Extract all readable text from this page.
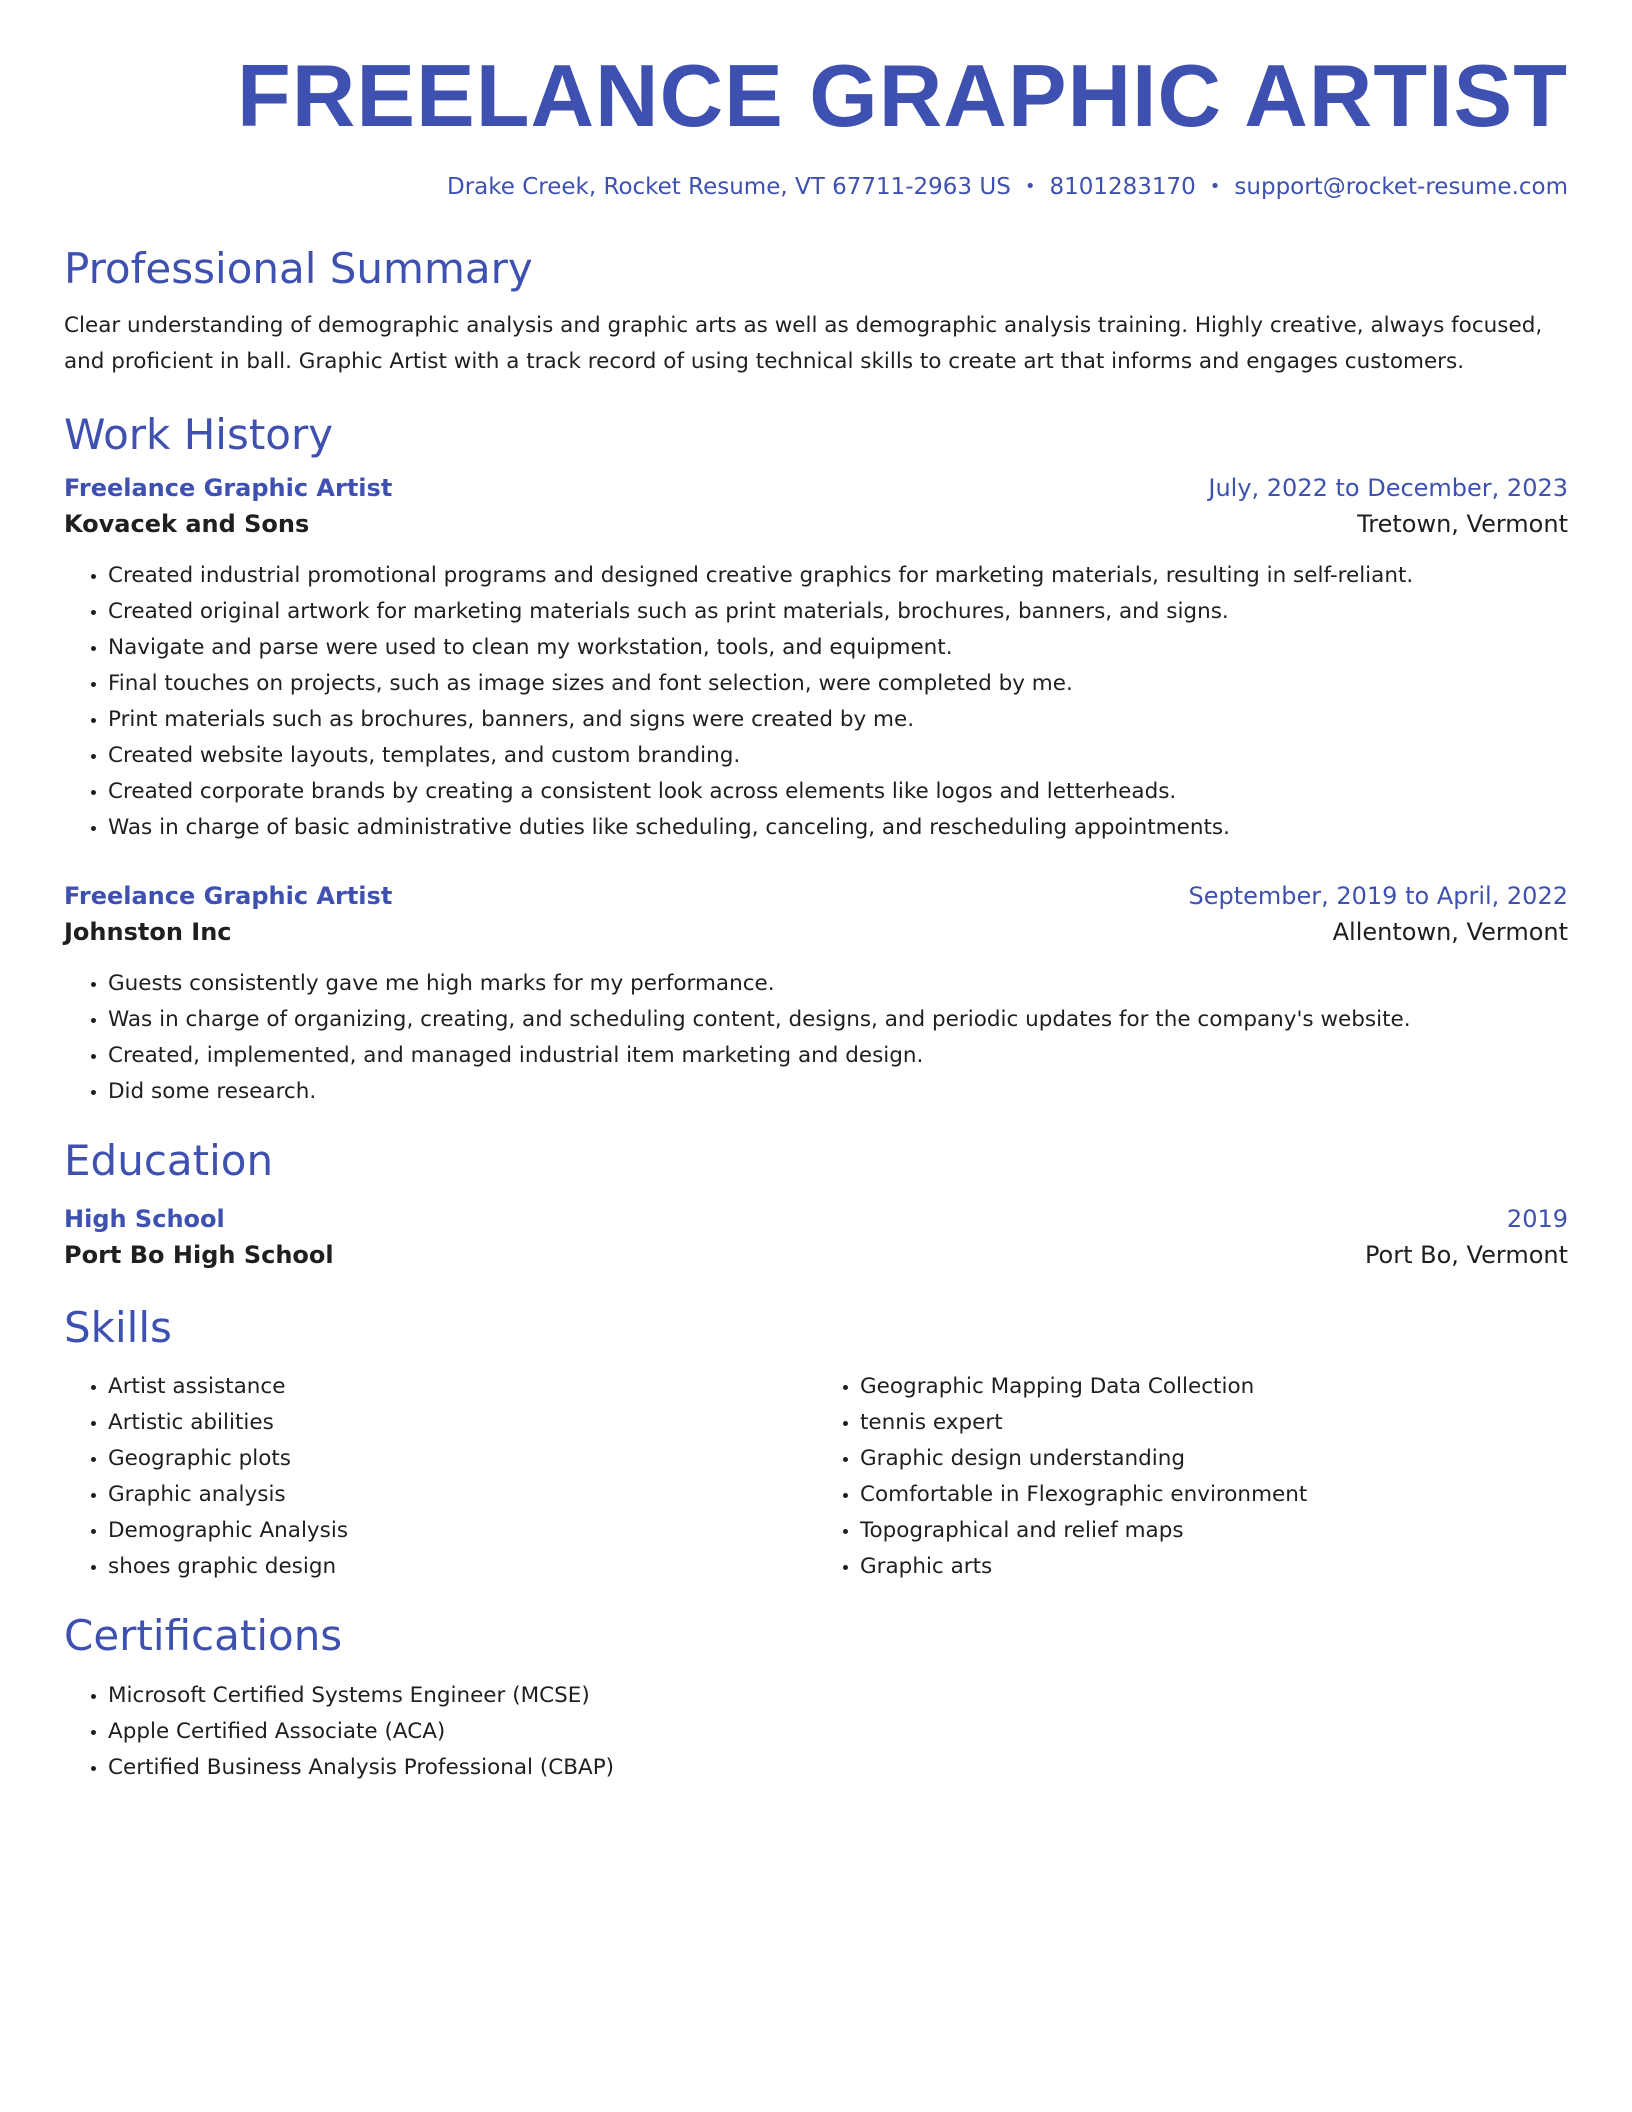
FREELANCE GRAPHIC ARTIST
Drake Creek, Rocket Resume, VT 67711-2963 US • 8101283170 • support@rocket-resume.com
Professional Summary

Clear understanding of demographic analysis and graphic arts as well as demographic analysis training. Highly creative, always focused, and proficient in ball. Graphic Artist with a track record of using technical skills to create art that informs and engages customers.

Work History
Freelance Graphic Artist	July, 2022 to December, 2023
Kovacek and Sons	Tretown, Vermont
• Created industrial promotional programs and designed creative graphics for marketing materials, resulting in self-reliant.
• Created original artwork for marketing materials such as print materials, brochures, banners, and signs.
• Navigate and parse were used to clean my workstation, tools, and equipment.
• Final touches on projects, such as image sizes and font selection, were completed by me.
• Print materials such as brochures, banners, and signs were created by me.
• Created website layouts, templates, and custom branding.
• Created corporate brands by creating a consistent look across elements like logos and letterheads.
• Was in charge of basic administrative duties like scheduling, canceling, and rescheduling appointments.
Freelance Graphic Artist	September, 2019 to April, 2022
Johnston Inc	Allentown, Vermont
• Guests consistently gave me high marks for my performance.
• Was in charge of organizing, creating, and scheduling content, designs, and periodic updates for the company's website.
• Created, implemented, and managed industrial item marketing and design.
• Did some research.
Education
High School	2019
Port Bo High School	Port Bo, Vermont
Skills
• Artist assistance
• Artistic abilities
• Geographic plots
• Graphic analysis
• Demographic Analysis
• shoes graphic design
• Geographic Mapping Data Collection
• tennis expert
• Graphic design understanding
• Comfortable in Flexographic environment
• Topographical and relief maps
• Graphic arts
Certifications
• Microsoft Certified Systems Engineer (MCSE)
• Apple Certified Associate (ACA)
• Certified Business Analysis Professional (CBAP)
